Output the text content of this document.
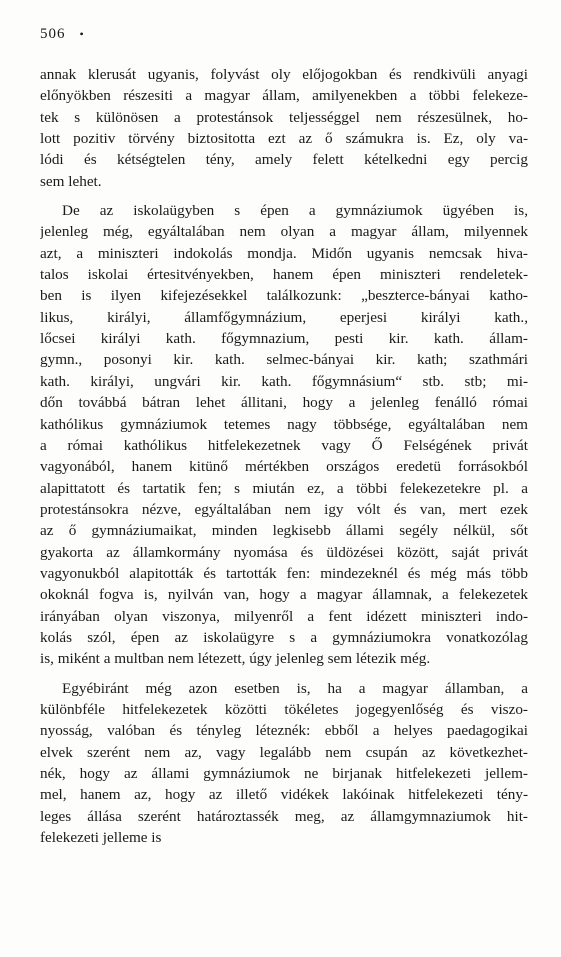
506 •
annak klerusát ugyanis, folyvást oly előjogokban és rendkivüli anyagi
előnyökben részesiti a magyar állam, amilyenekben a többi felekeze-
tek s különösen a protestánsok teljességgel nem részesülnek, ho-
lott pozitiv törvény biztositotta ezt az ő számukra is. Ez, oly va-
lódi és kétségtelen tény, amely felett kételkedni egy percig
sem lehet.
De az iskolaügyben s épen a gymnáziumok ügyében is,
jelenleg még, egyáltalában nem olyan a magyar állam, milyennek
azt, a miniszteri indokolás mondja. Midőn ugyanis nemcsak hiva-
talos iskolai értesitvényekben, hanem épen miniszteri rendeletek-
ben is ilyen kifejezésekkel találkozunk: „beszterce-bányai katho-
likus, királyi, államfőgymnázium, eperjesi királyi kath.,
lőcsei királyi kath. főgymnazium, pesti kir. kath. állam-
gymn., posonyi kir. kath. selmec-bányai kir. kath; szathmári
kath. királyi, ungvári kir. kath. főgymnásium“ stb. stb; mi-
dőn továbbá bátran lehet állitani, hogy a jelenleg fenálló római
kathólikus gymnáziumok tetemes nagy többsége, egyáltalában nem
a római kathólikus hitfelekezetnek vagy Ő Felségének privát
vagyonából, hanem kitünő mértékben országos eredetü forrásokból
alapittatott és tartatik fen; s miután ez, a többi felekezetekre pl. a
protestánsokra nézve, egyáltalában nem igy vólt és van, mert ezek
az ő gymnáziumaikat, minden legkisebb állami segély nélkül, sőt
gyakorta az államkormány nyomása és üldözései között, saját privát
vagyonukból alapitották és tartották fen: mindezeknél és még más több
okoknál fogva is, nyilván van, hogy a magyar államnak, a felekezetek
irányában olyan viszonya, milyenről a fent idézett miniszteri indo-
kolás szól, épen az iskolaügyre s a gymnáziumokra vonatkozólag
is, miként a multban nem létezett, úgy jelenleg sem létezik még.
Egyébiránt még azon esetben is, ha a magyar államban, a
különbféle hitfelekezetek közötti tökéletes jogegyenlőség és viszo-
nyosság, valóban és tényleg léteznék: ebből a helyes paedagogikai
elvek szerént nem az, vagy legalább nem csupán az következhet-
nék, hogy az állami gymnáziumok ne birjanak hitfelekezeti jellem-
mel, hanem az, hogy az illető vidékek lakóinak hitfelekezeti tény-
leges állása szerént határoztassék meg, az államgymnaziumok hit-
felekezeti jelleme is
